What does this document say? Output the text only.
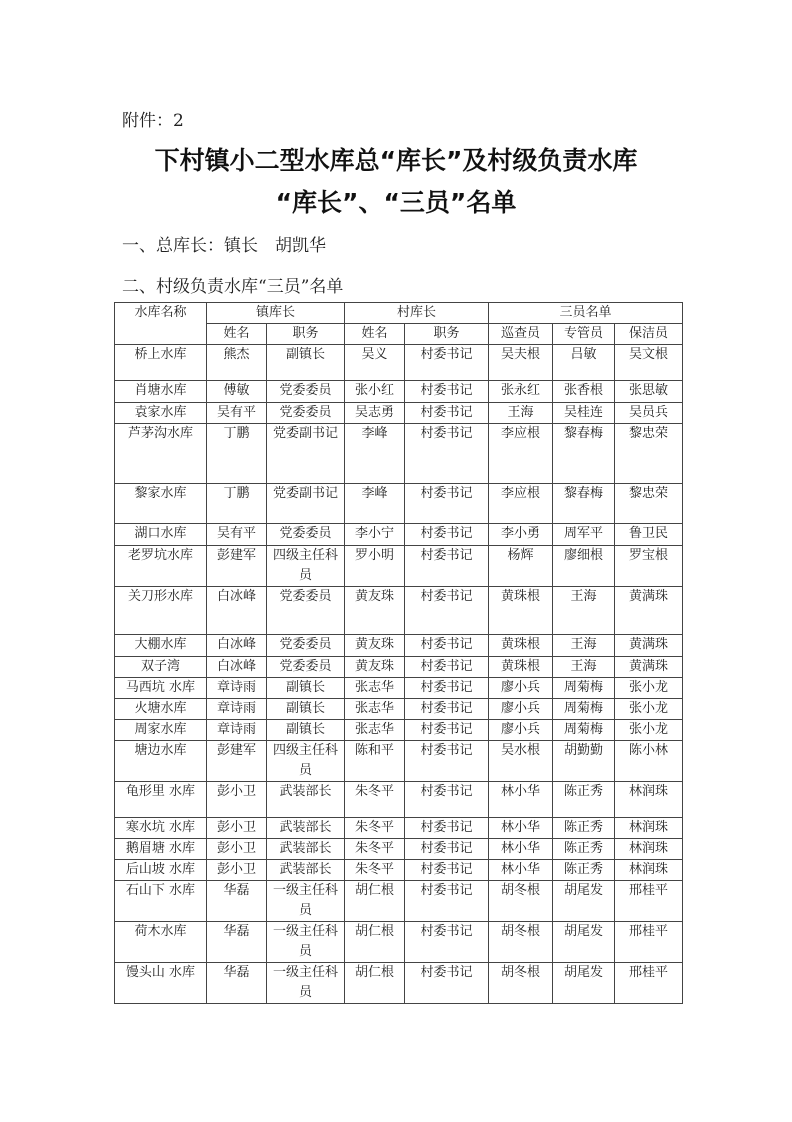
附件：2
下村镇小二型水库总“库长”及村级负责水库
“库长”、“三员”名单
一、总库长：镇长　胡凯华
二、村级负责水库“三员”名单
水库名称	镇库长		村库长		三员名单		
	姓名	职务	姓名	职务	巡查员	专管员	保洁员
桥上水库	熊杰	副镇长	吴义	村委书记	吴夫根	吕敏	吴文根
肖塘水库	傅敏	党委委员	张小红	村委书记	张永红	张香根	张思敏
袁家水库	吴有平	党委委员	吴志勇	村委书记	王海	吴桂连	吴员兵
芦茅沟水库	丁鹏	党委副书记	李峰	村委书记	李应根	黎春梅	黎忠荣
黎家水库	丁鹏	党委副书记	李峰	村委书记	李应根	黎春梅	黎忠荣
湖口水库	吴有平	党委委员	李小宁	村委书记	李小勇	周军平	鲁卫民
老罗坑水库	彭建军	四级主任科员	罗小明	村委书记	杨辉	廖细根	罗宝根
关刀形水库	白冰峰	党委委员	黄友珠	村委书记	黄珠根	王海	黄满珠
大棚水库	白冰峰	党委委员	黄友珠	村委书记	黄珠根	王海	黄满珠
双子湾	白冰峰	党委委员	黄友珠	村委书记	黄珠根	王海	黄满珠
马西坑 水库	章诗雨	副镇长	张志华	村委书记	廖小兵	周菊梅	张小龙
火塘水库	章诗雨	副镇长	张志华	村委书记	廖小兵	周菊梅	张小龙
周家水库	章诗雨	副镇长	张志华	村委书记	廖小兵	周菊梅	张小龙
塘边水库	彭建军	四级主任科员	陈和平	村委书记	吴水根	胡勤勤	陈小林
龟形里 水库	彭小卫	武装部长	朱冬平	村委书记	林小华	陈正秀	林润珠
寒水坑 水库	彭小卫	武装部长	朱冬平	村委书记	林小华	陈正秀	林润珠
鹅眉塘 水库	彭小卫	武装部长	朱冬平	村委书记	林小华	陈正秀	林润珠
后山坡 水库	彭小卫	武装部长	朱冬平	村委书记	林小华	陈正秀	林润珠
石山下 水库	华磊	一级主任科员	胡仁根	村委书记	胡冬根	胡尾发	邢桂平
荷木水库	华磊	一级主任科员	胡仁根	村委书记	胡冬根	胡尾发	邢桂平
馒头山 水库	华磊	一级主任科员	胡仁根	村委书记	胡冬根	胡尾发	邢桂平
